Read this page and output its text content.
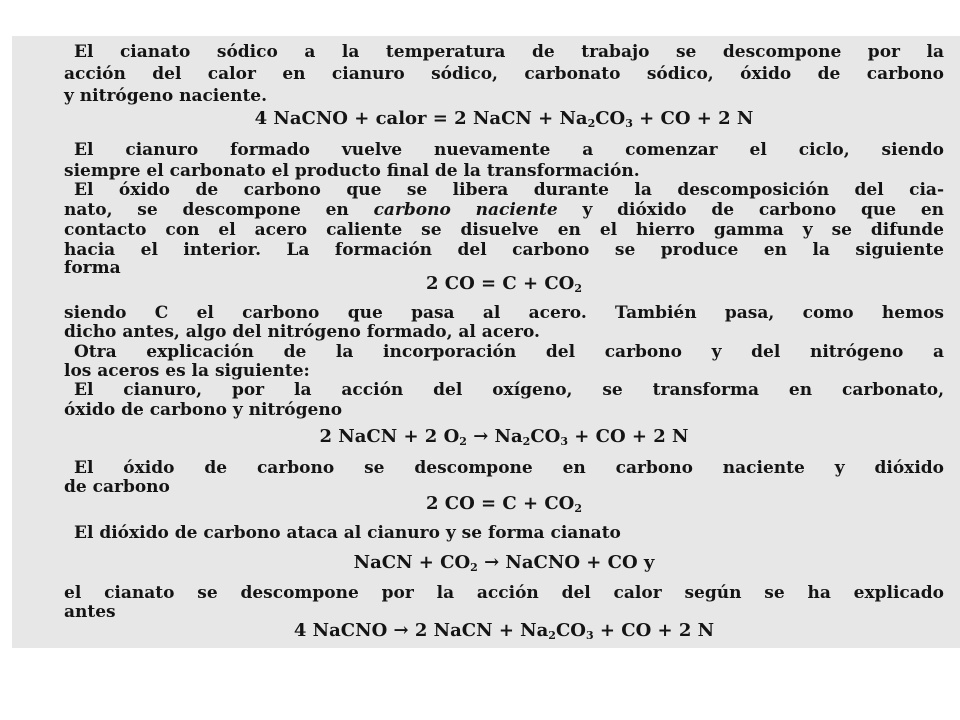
El cianato sódico a la temperatura de trabajo se descompone por la
acción del calor en cianuro sódico, carbonato sódico, óxido de carbono
y nitrógeno naciente.
4 NaCNO + calor = 2 NaCN + $Na_2CO_3$ + CO + 2 N
El cianuro formado vuelve nuevamente a comenzar el ciclo, siendo
siempre el carbonato el producto final de la transformación.
El óxido de carbono que se libera durante la descomposición del cia-
nato, se descompone en carbono naciente y dióxido de carbono que en
contacto con el acero caliente se disuelve en el hierro gamma y se difunde
hacia el interior. La formación del carbono se produce en la siguiente
forma
2 CO = $C + CO_2$
siendo C el carbono que pasa al acero. También pasa, como hemos
dicho antes, algo del nitrógeno formado, al acero.
Otra explicación de la incorporación del carbono y del nitrógeno a
los aceros es la siguiente:
El cianuro, por la acción del oxígeno, se transforma en carbonato,
óxido de carbono y nitrógeno
2 NaCN + 2 $O_2 \to Na_2CO_3$ + CO + 2 N
El óxido de carbono se descompone en carbono naciente y dióxido
de carbono
2 CO = $C + CO_2$
El dióxido de carbono ataca al cianuro y se forma cianato
NaCN + $CO_2$ → NaCNO + CO y
el cianato se descompone por la acción del calor según se ha explicado
antes
4 NaCNO → 2 NaCN + $Na_2CO_3$ + CO + 2 N
